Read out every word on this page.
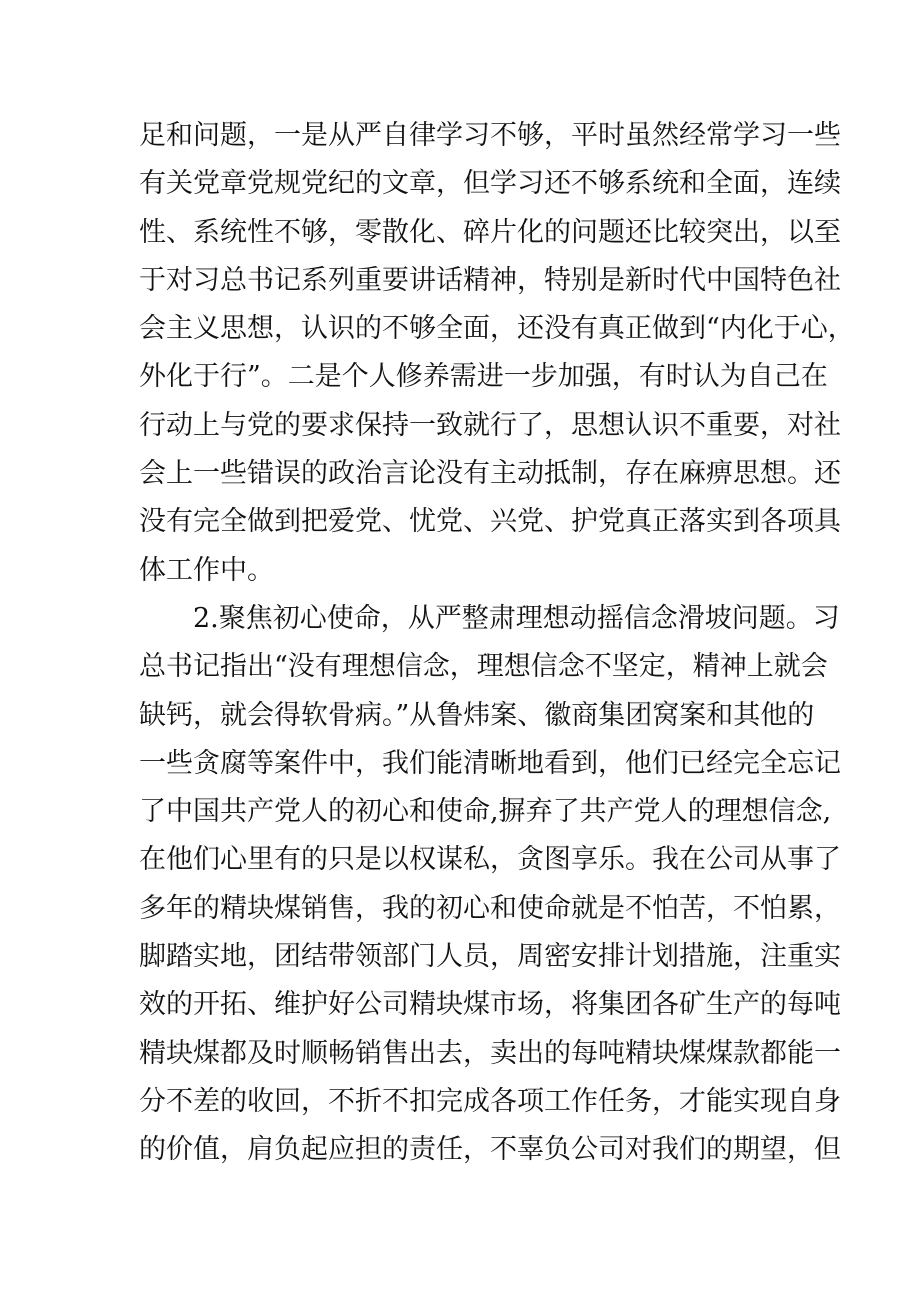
足和问题，一是从严自律学习不够，平时虽然经常学习一些
有关党章党规党纪的文章，但学习还不够系统和全面，连续
性、系统性不够，零散化、碎片化的问题还比较突出，以至
于对习总书记系列重要讲话精神，特别是新时代中国特色社
会主义思想，认识的不够全面，还没有真正做到“内化于心，
外化于行”。二是个人修养需进一步加强，有时认为自己在
行动上与党的要求保持一致就行了，思想认识不重要，对社
会上一些错误的政治言论没有主动抵制，存在麻痹思想。还
没有完全做到把爱党、忧党、兴党、护党真正落实到各项具
体工作中。
2.聚焦初心使命，从严整肃理想动摇信念滑坡问题。习
总书记指出“没有理想信念，理想信念不坚定，精神上就会
缺钙，就会得软骨病。”从鲁炜案、徽商集团窝案和其他的
一些贪腐等案件中，我们能清晰地看到，他们已经完全忘记
了中国共产党人的初心和使命,摒弃了共产党人的理想信念,
在他们心里有的只是以权谋私，贪图享乐。我在公司从事了
多年的精块煤销售，我的初心和使命就是不怕苦，不怕累，
脚踏实地，团结带领部门人员，周密安排计划措施，注重实
效的开拓、维护好公司精块煤市场，将集团各矿生产的每吨
精块煤都及时顺畅销售出去，卖出的每吨精块煤煤款都能一
分不差的收回，不折不扣完成各项工作任务，才能实现自身
的价值，肩负起应担的责任，不辜负公司对我们的期望，但
